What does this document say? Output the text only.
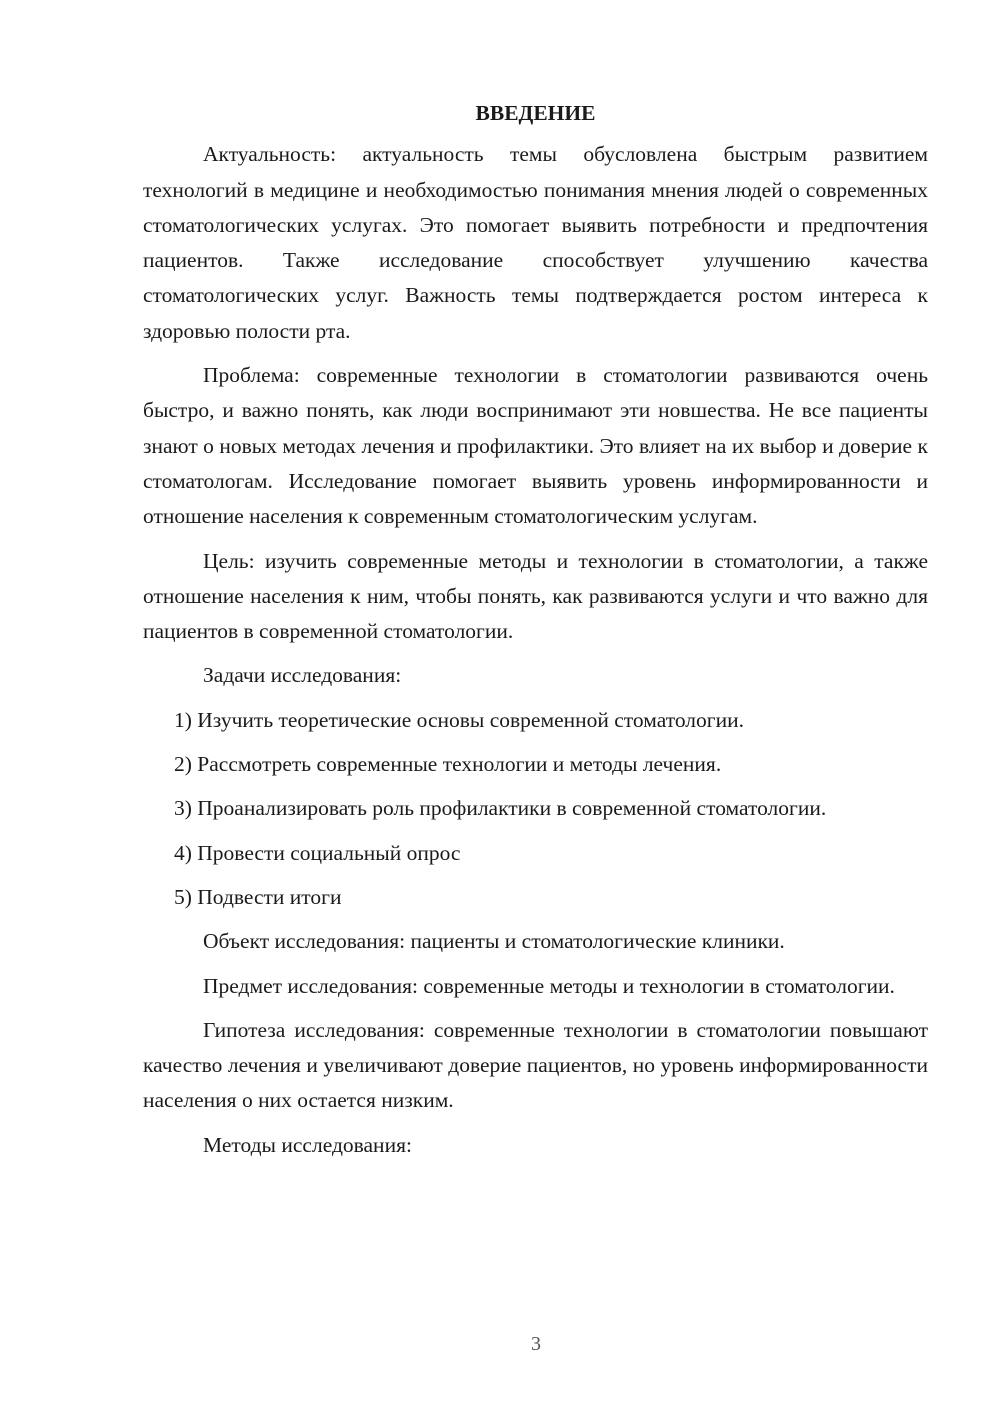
ВВЕДЕНИЕ
Актуальность: актуальность темы обусловлена быстрым развитием технологий в медицине и необходимостью понимания мнения людей о современных стоматологических услугах. Это помогает выявить потребности и предпочтения пациентов. Также исследование способствует улучшению качества стоматологических услуг. Важность темы подтверждается ростом интереса к здоровью полости рта.
Проблема: современные технологии в стоматологии развиваются очень быстро, и важно понять, как люди воспринимают эти новшества. Не все пациенты знают о новых методах лечения и профилактики. Это влияет на их выбор и доверие к стоматологам. Исследование помогает выявить уровень информированности и отношение населения к современным стоматологическим услугам.
Цель: изучить современные методы и технологии в стоматологии, а также отношение населения к ним, чтобы понять, как развиваются услуги и что важно для пациентов в современной стоматологии.
Задачи исследования:
1) Изучить теоретические основы современной стоматологии.
2) Рассмотреть современные технологии и методы лечения.
3) Проанализировать роль профилактики в современной стоматологии.
4) Провести социальный опрос
5) Подвести итоги
Объект исследования: пациенты и стоматологические клиники.
Предмет исследования: современные методы и технологии в стоматологии.
Гипотеза исследования: современные технологии в стоматологии повышают качество лечения и увеличивают доверие пациентов, но уровень информированности населения о них остается низким.
Методы исследования:
3
